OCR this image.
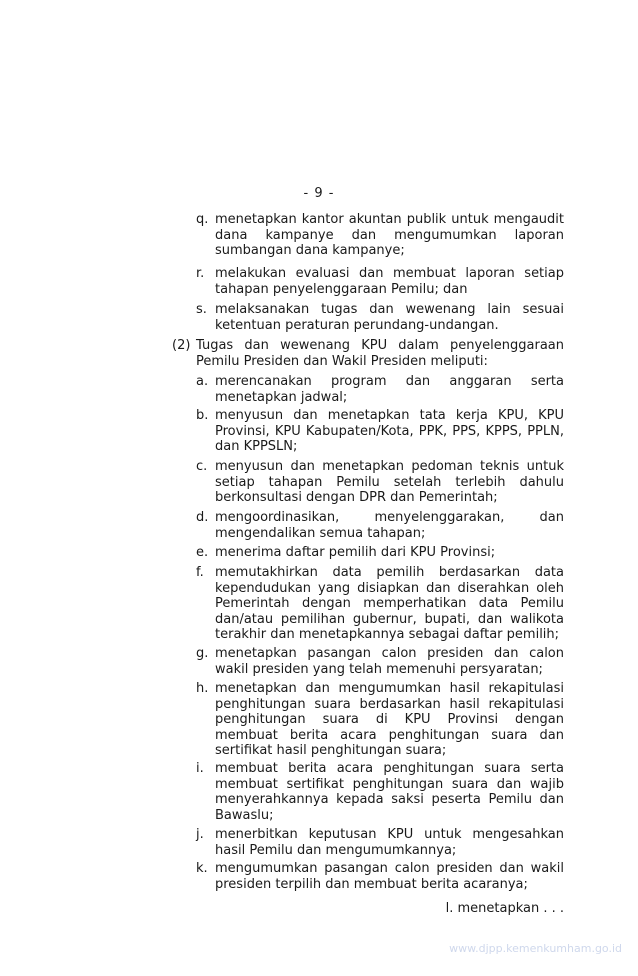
- 9 -
q. menetapkan kantor akuntan publik untuk mengaudit dana kampanye dan mengumumkan laporan sumbangan dana kampanye;
r. melakukan evaluasi dan membuat laporan setiap tahapan penyelenggaraan Pemilu; dan
s. melaksanakan tugas dan wewenang lain sesuai ketentuan peraturan perundang-undangan.
(2) Tugas dan wewenang KPU dalam penyelenggaraan Pemilu Presiden dan Wakil Presiden meliputi:
a. merencanakan program dan anggaran serta menetapkan jadwal;
b. menyusun dan menetapkan tata kerja KPU, KPU Provinsi, KPU Kabupaten/Kota, PPK, PPS, KPPS, PPLN, dan KPPSLN;
c. menyusun dan menetapkan pedoman teknis untuk setiap tahapan Pemilu setelah terlebih dahulu berkonsultasi dengan DPR dan Pemerintah;
d. mengoordinasikan, menyelenggarakan, dan mengendalikan semua tahapan;
e. menerima daftar pemilih dari KPU Provinsi;
f. memutakhirkan data pemilih berdasarkan data kependudukan yang disiapkan dan diserahkan oleh Pemerintah dengan memperhatikan data Pemilu dan/atau pemilihan gubernur, bupati, dan walikota terakhir dan menetapkannya sebagai daftar pemilih;
g. menetapkan pasangan calon presiden dan calon wakil presiden yang telah memenuhi persyaratan;
h. menetapkan dan mengumumkan hasil rekapitulasi penghitungan suara berdasarkan hasil rekapitulasi penghitungan suara di KPU Provinsi dengan membuat berita acara penghitungan suara dan sertifikat hasil penghitungan suara;
i. membuat berita acara penghitungan suara serta membuat sertifikat penghitungan suara dan wajib menyerahkannya kepada saksi peserta Pemilu dan Bawaslu;
j. menerbitkan keputusan KPU untuk mengesahkan hasil Pemilu dan mengumumkannya;
k. mengumumkan pasangan calon presiden dan wakil presiden terpilih dan membuat berita acaranya;
l. menetapkan . . .
www.djpp.kemenkumham.go.id
